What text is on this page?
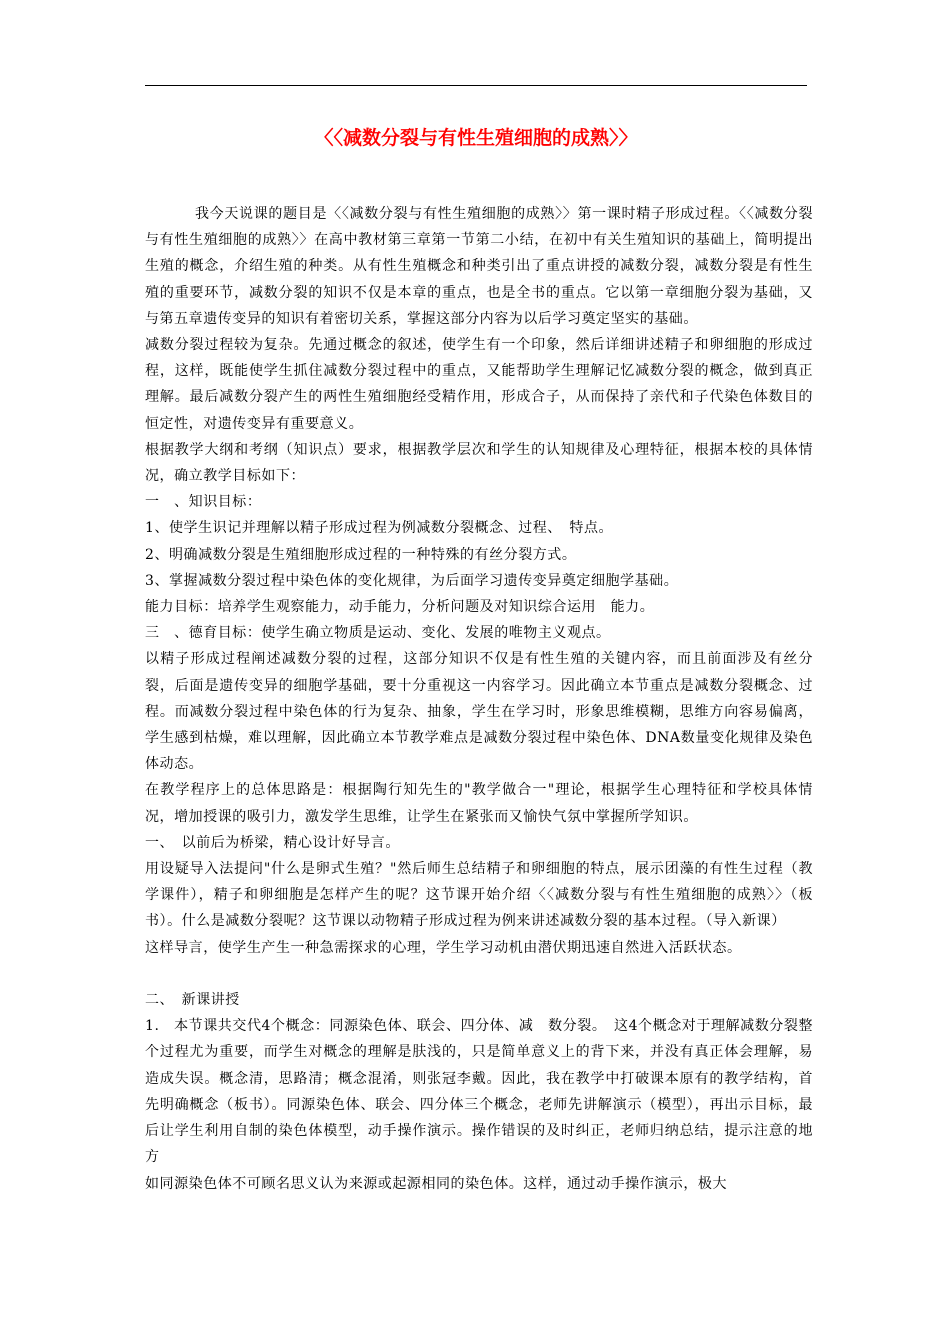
〈〈减数分裂与有性生殖细胞的成熟〉〉

我今天说课的题目是〈〈减数分裂与有性生殖细胞的成熟〉〉第一课时精子形成过程。〈〈减数分裂与有性生殖细胞的成熟〉〉在高中教材第三章第一节第二小结，在初中有关生殖知识的基础上，简明提出生殖的概念，介绍生殖的种类。从有性生殖概念和种类引出了重点讲授的减数分裂，减数分裂是有性生殖的重要环节，减数分裂的知识不仅是本章的重点，也是全书的重点。它以第一章细胞分裂为基础，又与第五章遗传变异的知识有着密切关系，掌握这部分内容为以后学习奠定坚实的基础。

减数分裂过程较为复杂。先通过概念的叙述，使学生有一个印象，然后详细讲述精子和卵细胞的形成过程，这样，既能使学生抓住减数分裂过程中的重点，又能帮助学生理解记忆减数分裂的概念，做到真正理解。最后减数分裂产生的两性生殖细胞经受精作用，形成合子，从而保持了亲代和子代染色体数目的恒定性，对遗传变异有重要意义。

根据教学大纲和考纲（知识点）要求，根据教学层次和学生的认知规律及心理特征，根据本校的具体情况，确立教学目标如下：

一　、知识目标：

1、使学生识记并理解以精子形成过程为例减数分裂概念、过程、　特点。

2、明确减数分裂是生殖细胞形成过程的一种特殊的有丝分裂方式。

3、掌握减数分裂过程中染色体的变化规律，为后面学习遗传变异奠定细胞学基础。

能力目标：培养学生观察能力，动手能力，分析问题及对知识综合运用　能力。

三　、德育目标：使学生确立物质是运动、变化、发展的唯物主义观点。

以精子形成过程阐述减数分裂的过程，这部分知识不仅是有性生殖的关键内容，而且前面涉及有丝分裂，后面是遗传变异的细胞学基础，要十分重视这一内容学习。因此确立本节重点是减数分裂概念、过程。而减数分裂过程中染色体的行为复杂、抽象，学生在学习时，形象思维模糊，思维方向容易偏离，学生感到枯燥，难以理解，因此确立本节教学难点是减数分裂过程中染色体、DNA数量变化规律及染色体动态。

在教学程序上的总体思路是：根据陶行知先生的"教学做合一"理论，根据学生心理特征和学校具体情况，增加授课的吸引力，激发学生思维，让学生在紧张而又愉快气氛中掌握所学知识。

一、　以前后为桥梁，精心设计好导言。

用设疑导入法提问"什么是卵式生殖？"然后师生总结精子和卵细胞的特点，展示团藻的有性生过程（教学课件），精子和卵细胞是怎样产生的呢？这节课开始介绍〈〈减数分裂与有性生殖细胞的成熟〉〉（板书）。什么是减数分裂呢？这节课以动物精子形成过程为例来讲述减数分裂的基本过程。（导入新课）

这样导言，使学生产生一种急需探求的心理，学生学习动机由潜伏期迅速自然进入活跃状态。

二、　新课讲授

1.　本节课共交代4个概念：同源染色体、联会、四分体、减　数分裂。　这4个概念对于理解减数分裂整个过程尤为重要，而学生对概念的理解是肤浅的，只是简单意义上的背下来，并没有真正体会理解，易造成失误。概念清，思路清；概念混淆，则张冠李戴。因此，我在教学中打破课本原有的教学结构，首先明确概念（板书）。同源染色体、联会、四分体三个概念，老师先讲解演示（模型），再出示目标，最后让学生利用自制的染色体模型，动手操作演示。操作错误的及时纠正，老师归纳总结，提示注意的地方

如同源染色体不可顾名思义认为来源或起源相同的染色体。这样，通过动手操作演示，极大
